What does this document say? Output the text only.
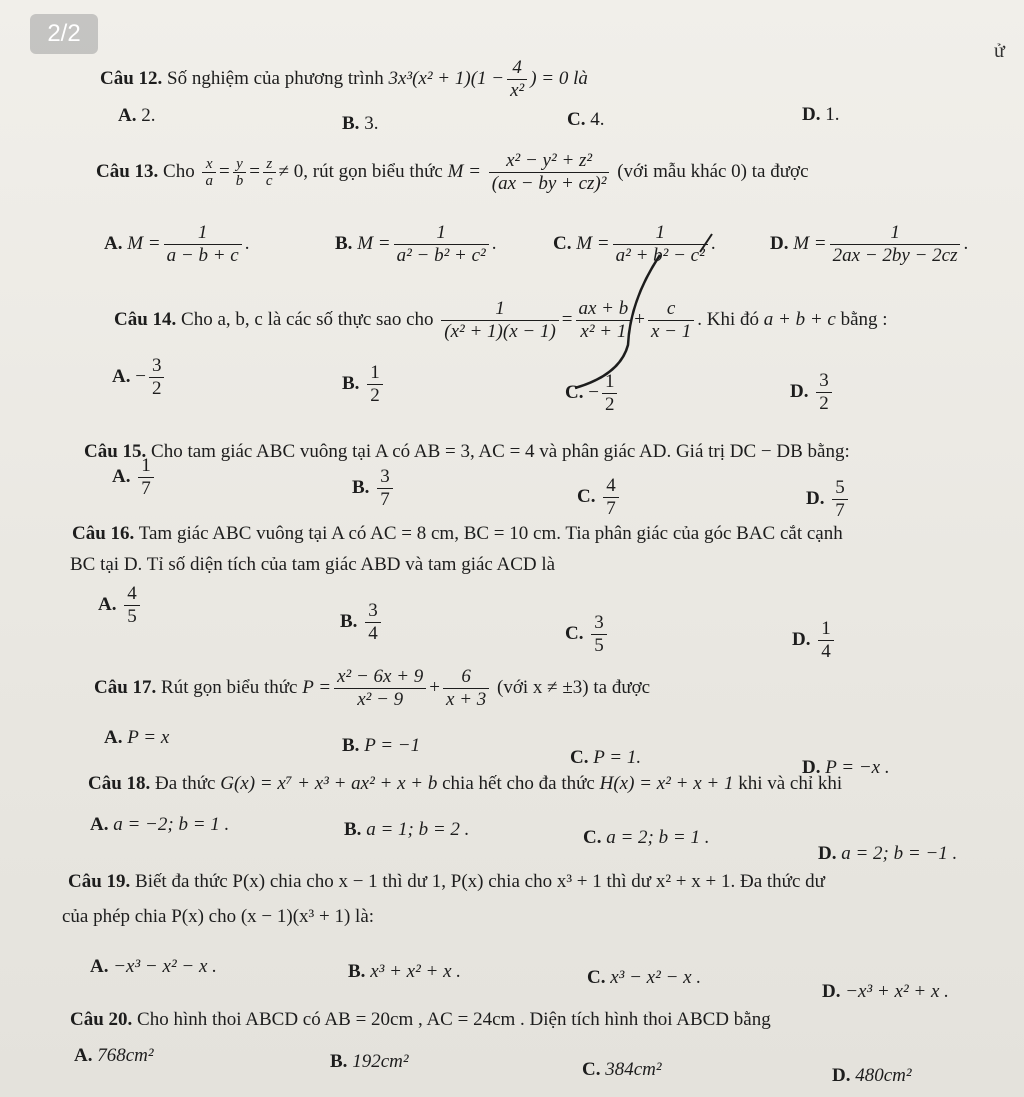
2/2
ử
Câu 12. Số nghiệm của phương trình $3x^3(x^2 + 1)(1 - \frac{4}{\text{x²}}$ ) = 0 là
A. 2.	B. 3.	C. 4.	D. 1.
Câu 13. Cho $\frac{x}{a} = \frac{y}{b} = \frac{z}{c} \ne 0$, rút gọn biểu thức $M = \frac{\text{x² − y² + z²}}{\text{(ax − by + cz)²}}$ (với mẫu khác 0) ta được
A. $M = \frac{1}{a - b + c}$ .	B. $M = \frac{1}{\text{a² − b² + c²}}$ .	C. $M = \frac{1}{\text{a² + b² − c²}}$ .	D. $M = \frac{1}{2ax - 2by - 2cz}$ .
Câu 14. Cho a, b, c là các số thực sao cho $\frac{1}{\text{(x² + 1)(x − 1)}} = \frac{ax + b}{\text{x² + 1}} + \frac{c}{x - 1}$ . Khi đó a + b + c bằng :
A. − $\frac{3}{2}$	B. $\frac{1}{2}$	C. − $\frac{1}{2}$	D. $\frac{3}{2}$
Câu 15. Cho tam giác ABC vuông tại A có AB = 3, AC = 4 và phân giác AD. Giá trị DC − DB bằng:
A. $\frac{1}{7}$	B. $\frac{3}{7}$	C. $\frac{4}{7}$	D. $\frac{5}{7}$
Câu 16. Tam giác ABC vuông tại A có AC = 8 cm, BC = 10 cm. Tia phân giác của góc BAC cắt cạnh
BC tại D. Tỉ số diện tích của tam giác ABD và tam giác ACD là
A. $\frac{4}{5}$	B. $\frac{3}{4}$	C. $\frac{3}{5}$	D. $\frac{1}{4}$
Câu 17. Rút gọn biểu thức $P = \frac{\text{x² − 6x + 9}}{\text{x² − 9}} + \frac{6}{x + 3}$ (với x ≠ ±3) ta được
A. P = x	B. P = −1
C. P = 1.	D. P = −x .
Câu 18. Đa thức G(x) = x⁷ + x³ + ax² + x + b chia hết cho đa thức H(x) = x² + x + 1 khi và chỉ khi
A. a = −2; b = 1 .	B. a = 1; b = 2 .	C. a = 2; b = 1 .
D. a = 2; b = −1 .
Câu 19. Biết đa thức P(x) chia cho x − 1 thì dư 1, P(x) chia cho x³ + 1 thì dư x² + x + 1. Đa thức dư
của phép chia P(x) cho (x − 1)(x³ + 1) là:
A. −x³ − x² − x .	B. x³ + x² + x .	C. x³ − x² − x .
D. −x³ + x² + x .
Câu 20. Cho hình thoi ABCD có AB = 20cm , AC = 24cm . Diện tích hình thoi ABCD bằng
A. 768cm²	B. 192cm²	C. 384cm²	D. 480cm²
